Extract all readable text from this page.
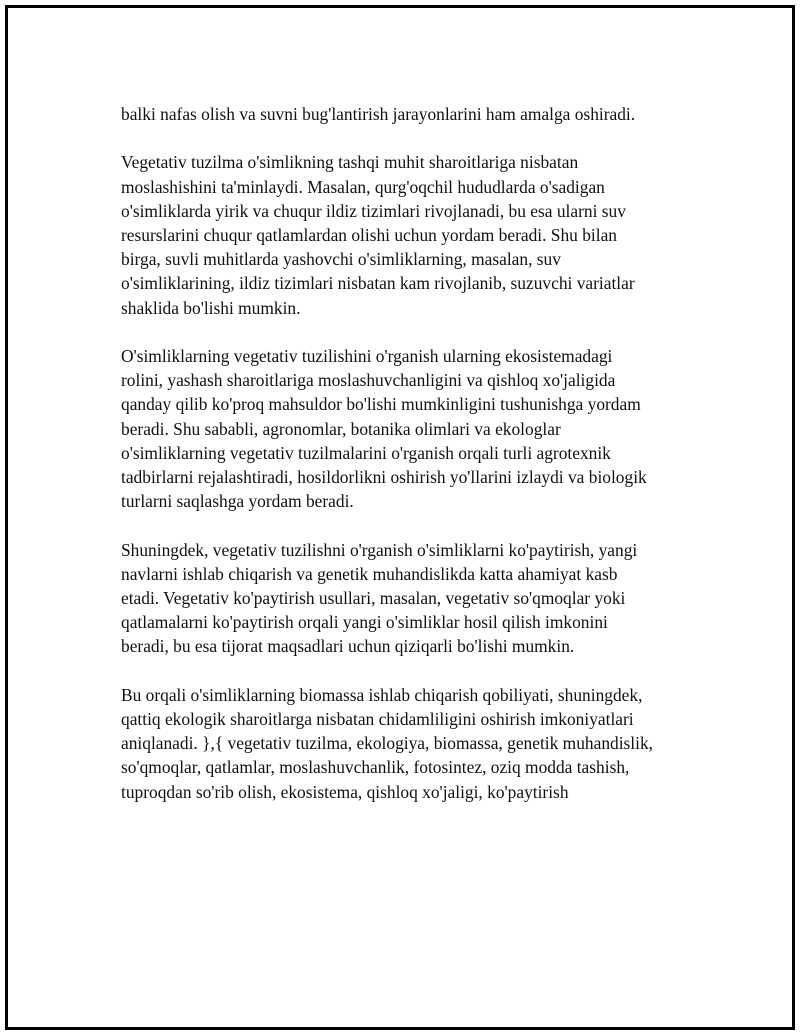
balki nafas olish va suvni bug'lantirish jarayonlarini ham amalga oshiradi.

Vegetativ tuzilma o'simlikning tashqi muhit sharoitlariga nisbatan
moslashishini ta'minlaydi. Masalan, qurg'oqchil hududlarda o'sadigan
o'simliklarda yirik va chuqur ildiz tizimlari rivojlanadi, bu esa ularni suv
resurslarini chuqur qatlamlardan olishi uchun yordam beradi. Shu bilan
birga, suvli muhitlarda yashovchi o'simliklarning, masalan, suv
o'simliklarining, ildiz tizimlari nisbatan kam rivojlanib, suzuvchi variatlar
shaklida bo'lishi mumkin.

O'simliklarning vegetativ tuzilishini o'rganish ularning ekosistemadagi
rolini, yashash sharoitlariga moslashuvchanligini va qishloq xo'jaligida
qanday qilib ko'proq mahsuldor bo'lishi mumkinligini tushunishga yordam
beradi. Shu sababli, agronomlar, botanika olimlari va ekologlar
o'simliklarning vegetativ tuzilmalarini o'rganish orqali turli agrotexnik
tadbirlarni rejalashtiradi, hosildorlikni oshirish yo'llarini izlaydi va biologik
turlarni saqlashga yordam beradi.

Shuningdek, vegetativ tuzilishni o'rganish o'simliklarni ko'paytirish, yangi
navlarni ishlab chiqarish va genetik muhandislikda katta ahamiyat kasb
etadi. Vegetativ ko'paytirish usullari, masalan, vegetativ so'qmoqlar yoki
qatlamalarni ko'paytirish orqali yangi o'simliklar hosil qilish imkonini
beradi, bu esa tijorat maqsadlari uchun qiziqarli bo'lishi mumkin.

Bu orqali o'simliklarning biomassa ishlab chiqarish qobiliyati, shuningdek,
qattiq ekologik sharoitlarga nisbatan chidamliligini oshirish imkoniyatlari
aniqlanadi. },{ vegetativ tuzilma, ekologiya, biomassa, genetik muhandislik,
so'qmoqlar, qatlamlar, moslashuvchanlik, fotosintez, oziq modda tashish,
tuproqdan so'rib olish, ekosistema, qishloq xo'jaligi, ko'paytirish
